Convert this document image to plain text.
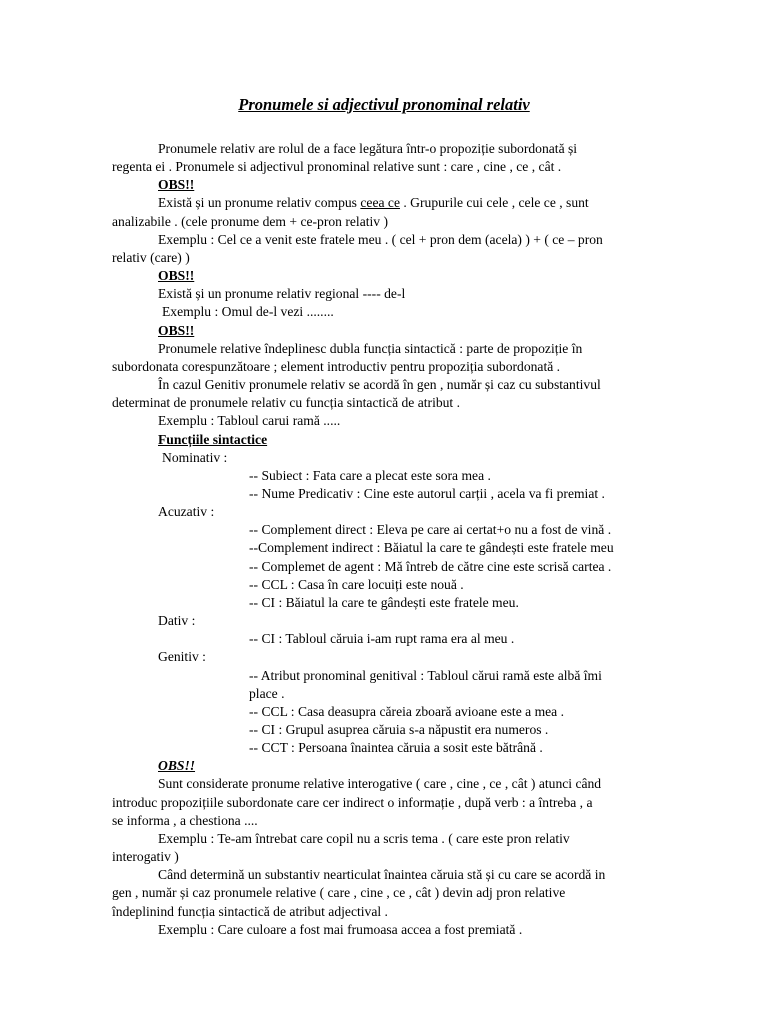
Pronumele si adjectivul pronominal relativ
Pronumele relativ are rolul de a face legătura într-o propoziție subordonată și
regenta ei . Pronumele si adjectivul pronominal relative sunt : care , cine , ce , cât .
OBS!!
Există și un pronume relativ compus ceea ce . Grupurile cui cele , cele ce , sunt
analizabile . (cele pronume dem + ce-pron relativ )
Exemplu : Cel ce a venit este fratele meu . ( cel + pron dem (acela) ) + ( ce – pron
relativ (care) )
OBS!!
Există și un pronume relativ regional ---- de-l
Exemplu : Omul de-l vezi ........
OBS!!
Pronumele relative îndeplinesc dubla funcția sintactică : parte de propoziție în
subordonata corespunzătoare ; element introductiv pentru propoziția subordonată .
În cazul Genitiv pronumele relativ se acordă în gen , număr și caz cu substantivul
determinat de pronumele relativ cu funcția sintactică de atribut .
Exemplu : Tabloul carui ramă .....
Funcțiile sintactice
Nominativ :
-- Subiect : Fata care a plecat este sora mea .
-- Nume Predicativ : Cine este autorul carții , acela va fi premiat .
Acuzativ :
-- Complement direct : Eleva pe care ai certat+o nu a fost de vină .
--Complement indirect : Băiatul la care te gândești este fratele meu
-- Complemet de agent : Mă întreb de către cine este scrisă cartea .
-- CCL : Casa în care locuiți este nouă .
-- CI : Băiatul la care te gândești este fratele meu.
Dativ :
-- CI : Tabloul căruia i-am rupt rama era al meu .
Genitiv :
-- Atribut pronominal genitival : Tabloul cărui ramă este albă îmi
place .
-- CCL : Casa deasupra căreia zboară avioane este a mea .
-- CI : Grupul asuprea căruia s-a năpustit era numeros .
-- CCT : Persoana înaintea căruia a sosit este bătrână .
OBS!!
Sunt considerate pronume relative interogative ( care , cine , ce , cât ) atunci când
introduc propozițiile subordonate care cer indirect o informație , după verb : a întreba , a
se informa , a chestiona ....
Exemplu : Te-am întrebat care copil nu a scris tema . ( care este pron relativ
interogativ )
Când determină un substantiv nearticulat înaintea căruia stă și cu care se acordă in
gen , număr și caz pronumele relative ( care , cine , ce , cât ) devin adj pron relative
îndeplinind funcția sintactică de atribut adjectival .
Exemplu : Care culoare a fost mai frumoasa accea a fost premiată .
